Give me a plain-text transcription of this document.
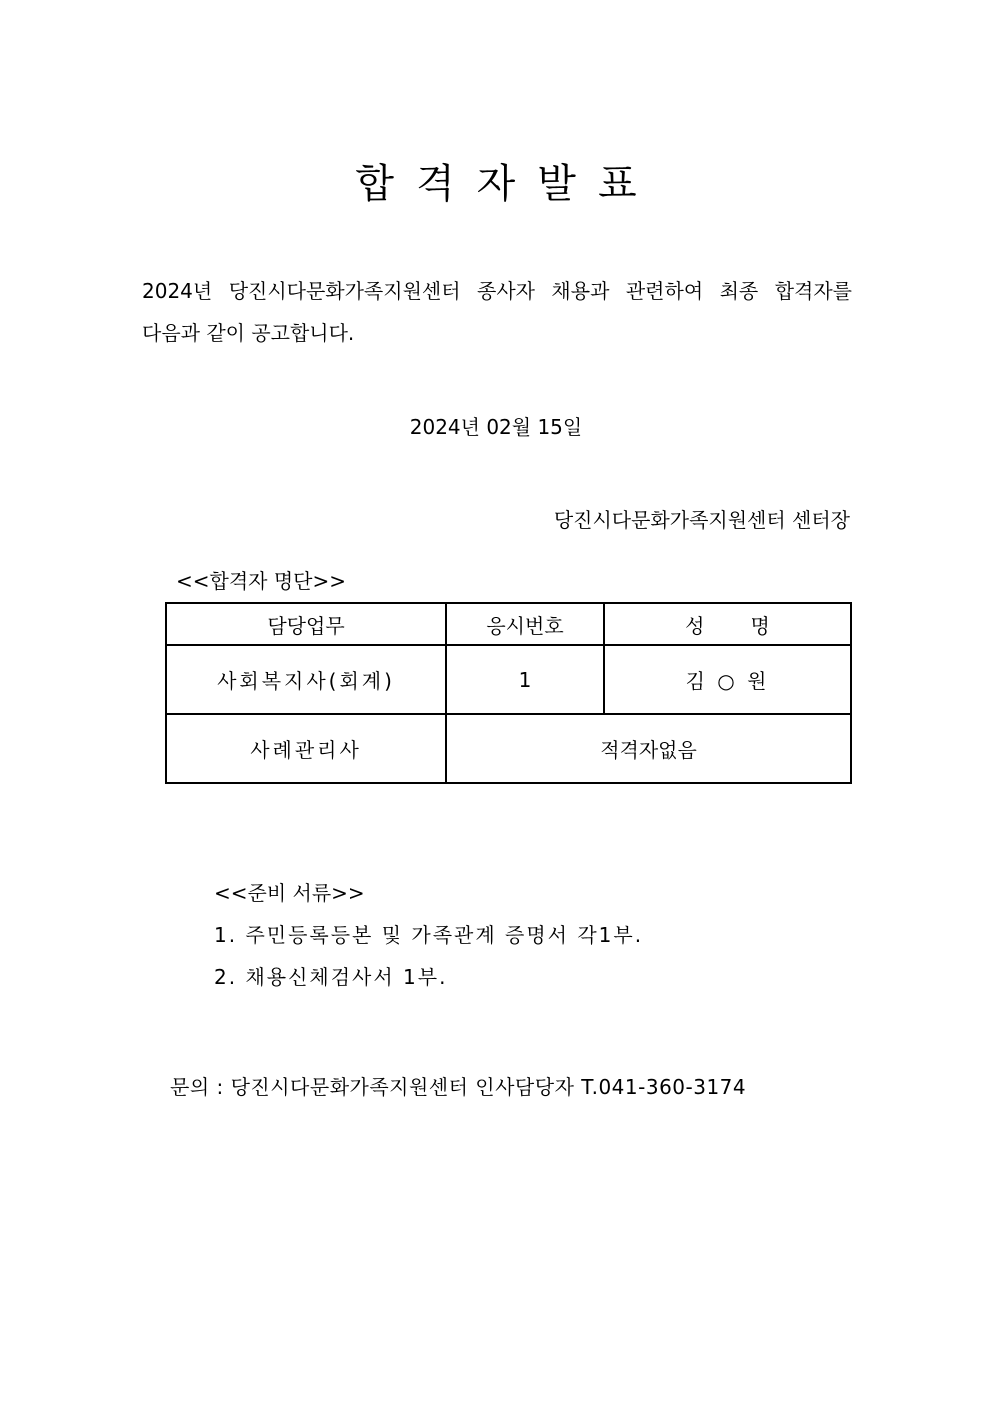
합격자발표
2024년 당진시다문화가족지원센터 종사자 채용과 관련하여 최종 합격자를
다음과 같이 공고합니다.
2024년 02월 15일
당진시다문화가족지원센터 센터장
<<합격자 명단>>
담당업무	응시번호	성명
사회복지사(회계)	1	김 ○ 원
사례관리사	적격자없음	
<<준비 서류>>
1. 주민등록등본 및 가족관계 증명서 각1부.
2. 채용신체검사서 1부.
문의 : 당진시다문화가족지원센터 인사담당자 T.041-360-3174
